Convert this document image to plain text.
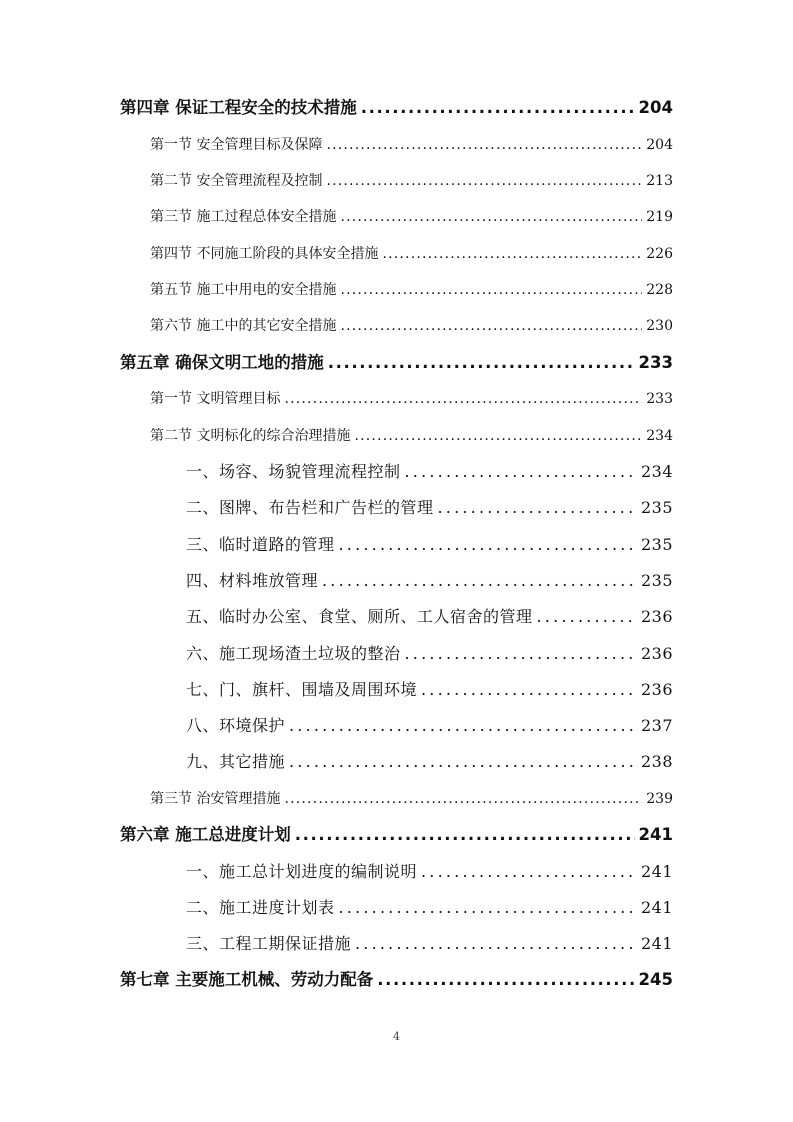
第四章 保证工程安全的技术措施 .....	204
第一节 安全管理目标及保障 .....	204
第二节 安全管理流程及控制 .....	213
第三节 施工过程总体安全措施 .....	219
第四节 不同施工阶段的具体安全措施 .....	226
第五节 施工中用电的安全措施 .....	228
第六节 施工中的其它安全措施 .....	230
第五章 确保文明工地的措施 .....	233
第一节 文明管理目标 .....	233
第二节 文明标化的综合治理措施 .....	234
一、场容、场貌管理流程控制 .....	234
二、图牌、布告栏和广告栏的管理 .....	235
三、临时道路的管理 .....	235
四、材料堆放管理 .....	235
五、临时办公室、食堂、厕所、工人宿舍的管理 .....	236
六、施工现场渣土垃圾的整治 .....	236
七、门、旗杆、围墙及周围环境 .....	236
八、环境保护 .....	237
九、其它措施 .....	238
第三节 治安管理措施 .....	239
第六章 施工总进度计划 .....	241
一、施工总计划进度的编制说明 .....	241
二、施工进度计划表 .....	241
三、工程工期保证措施 .....	241
第七章 主要施工机械、劳动力配备 .....	245
4
